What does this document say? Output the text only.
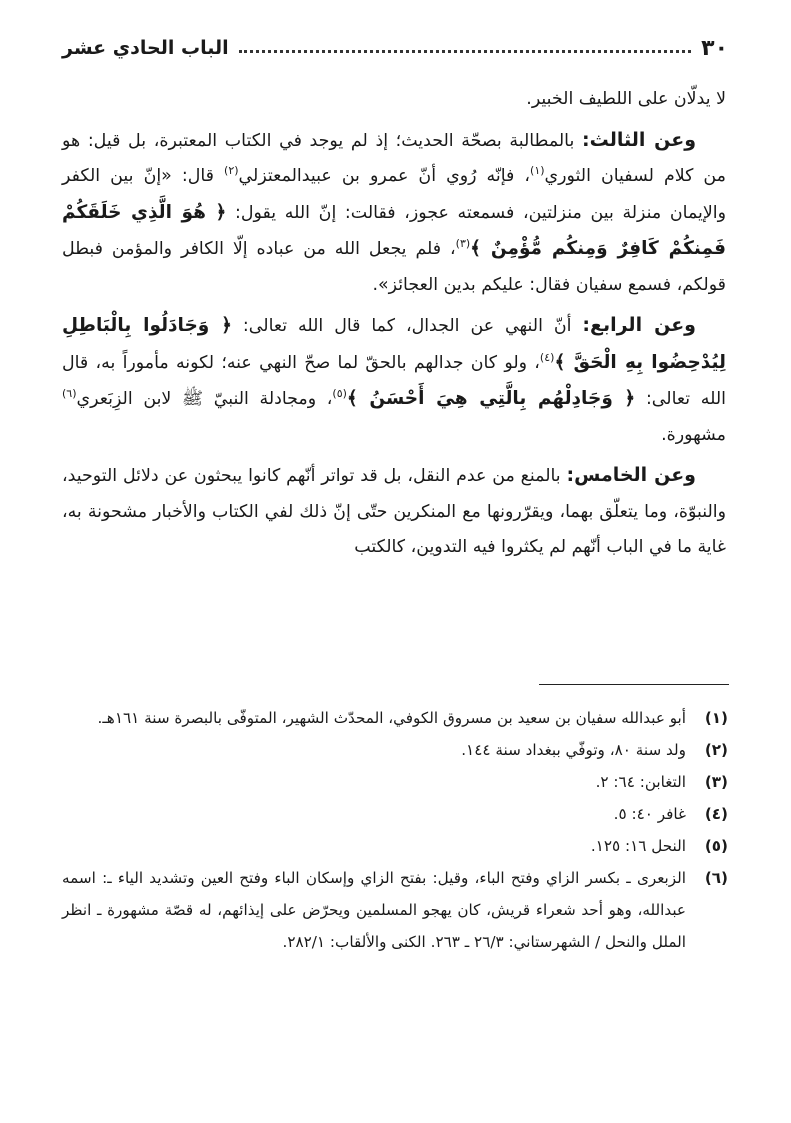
٣٠
الباب الحادي عشر

لا يدلّان على اللطيف الخبير.

وعن الثالث: بالمطالبة بصحّة الحديث؛ إذ لم يوجد في الكتاب المعتبرة، بل قيل: هو من كلام لسفيان الثوري$^{(١)}$، فإنّه رُوي أنّ عمرو بن عبيدالمعتزلي$^{(٢)}$ قال: «إنّ بين الكفر والإيمان منزلة بين منزلتين، فسمعته عجوز، فقالت: إنّ الله يقول: ﴿ هُوَ الَّذِي خَلَقَكُمْ فَمِنكُمْ كَافِرٌ وَمِنكُم مُّؤْمِنٌ ﴾$^{(٣)}$، فلم يجعل الله من عباده إلّا الكافر والمؤمن فبطل قولكم، فسمع سفيان فقال: عليكم بدين العجائز».

وعن الرابع: أنّ النهي عن الجدال، كما قال الله تعالى: ﴿ وَجَادَلُوا بِالْبَاطِلِ لِيُدْحِضُوا بِهِ الْحَقَّ ﴾$^{(٤)}$، ولو كان جدالهم بالحقّ لما صحّ النهي عنه؛ لكونه مأموراً به، قال الله تعالى: ﴿ وَجَادِلْهُم بِالَّتِي هِيَ أَحْسَنُ ﴾$^{(٥)}$، ومجادلة النبيّ ﷺ لابن الزِبَعري$^{(٦)}$ مشهورة.

وعن الخامس: بالمنع من عدم النقل، بل قد تواتر أنّهم كانوا يبحثون عن دلائل التوحيد، والنبوّة، وما يتعلّق بهما، ويقرّرونها مع المنكرين حتّى إنّ ذلك لفي الكتاب والأخبار مشحونة به، غاية ما في الباب أنّهم لم يكثروا فيه التدوين، كالكتب

(١)
أبو عبدالله سفيان بن سعيد بن مسروق الكوفي، المحدّث الشهير، المتوفّى بالبصرة سنة ١٦١هـ.
(٢)
ولد سنة ٨٠، وتوفّي ببغداد سنة ١٤٤.
(٣)
التغابن: ٦٤: ٢.
(٤)
غافر ٤٠: ٥.
(٥)
النحل ١٦: ١٢٥.
(٦)
الزبعرى ـ بكسر الزاي وفتح الباء، وقيل: بفتح الزاي وإسكان الباء وفتح العين وتشديد الياء ـ: اسمه عبدالله، وهو أحد شعراء قريش، كان يهجو المسلمين ويحرّض على إيذائهم، له قصّة مشهورة ـ انظر الملل والنحل / الشهرستاني: ٢٦/٣ ـ ٢٦٣. الكنى والألقاب: ٢٨٢/١.
